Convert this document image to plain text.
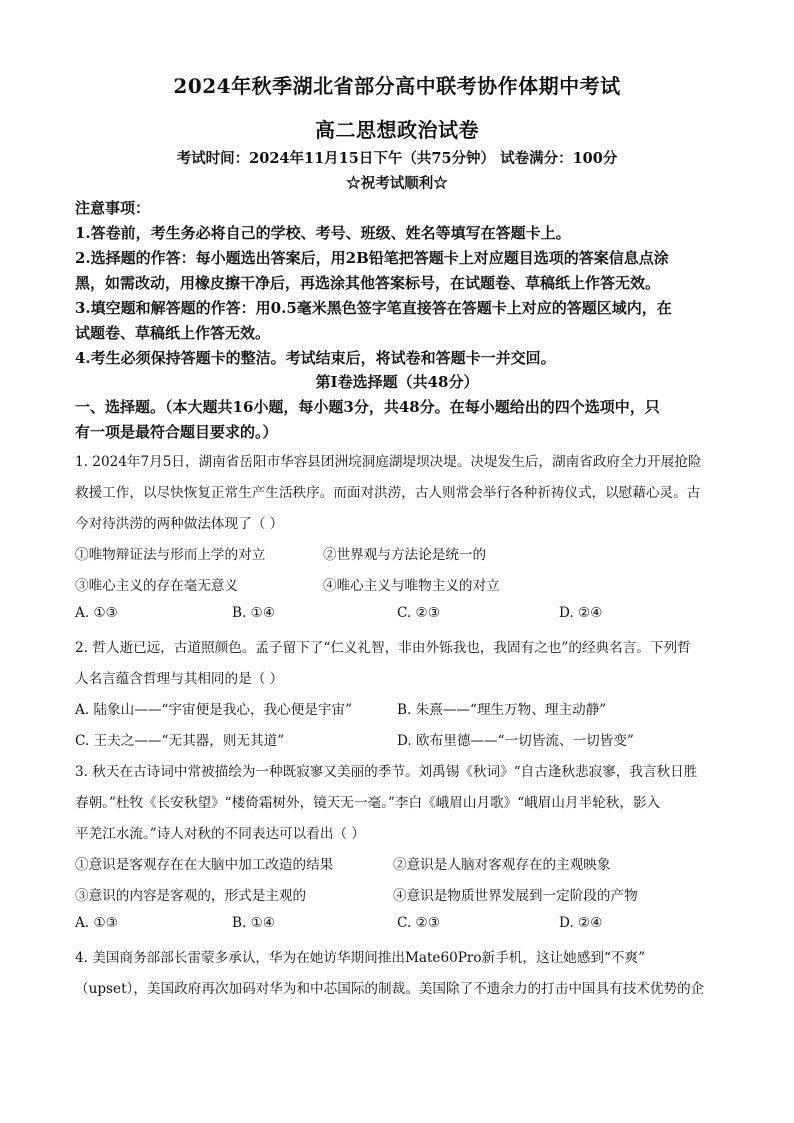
2024年秋季湖北省部分高中联考协作体期中考试
高二思想政治试卷
考试时间：2024年11月15日下午（共75分钟） 试卷满分：100分
☆祝考试顺利☆
注意事项：
1.答卷前，考生务必将自己的学校、考号、班级、姓名等填写在答题卡上。
2.选择题的作答：每小题选出答案后，用2B铅笔把答题卡上对应题目选项的答案信息点涂
黑，如需改动，用橡皮擦干净后，再选涂其他答案标号，在试题卷、草稿纸上作答无效。
3.填空题和解答题的作答：用0.5毫米黑色签字笔直接答在答题卡上对应的答题区域内，在
试题卷、草稿纸上作答无效。
4.考生必须保持答题卡的整洁。考试结束后，将试卷和答题卡一并交回。
第Ⅰ卷选择题（共48分）
一、选择题。（本大题共16小题，每小题3分，共48分。在每小题给出的四个选项中，只
有一项是最符合题目要求的。）
1. 2024年7月5日，湖南省岳阳市华容县团洲垸洞庭湖堤坝决堤。决堤发生后，湖南省政府全力开展抢险
救援工作，以尽快恢复正常生产生活秩序。而面对洪涝，古人则常会举行各种祈祷仪式，以慰藉心灵。古
今对待洪涝的两种做法体现了（ ）
①唯物辩证法与形而上学的对立	②世界观与方法论是统一的
③唯心主义的存在毫无意义	④唯心主义与唯物主义的对立
A. ①③	B. ①④	C. ②③	D. ②④
2. 哲人逝已远，古道照颜色。孟子留下了“仁义礼智，非由外铄我也，我固有之也”的经典名言。下列哲
人名言蕴含哲理与其相同的是（ ）
A. 陆象山——“宇宙便是我心，我心便是宇宙”	B. 朱熹——“理生万物、理主动静”
C. 王夫之——“无其器，则无其道”	D. 欧布里德——“一切皆流、一切皆变”
3. 秋天在古诗词中常被描绘为一种既寂寥又美丽的季节。刘禹锡《秋词》“自古逢秋悲寂寥，我言秋日胜
春朝。”杜牧《长安秋望》“楼倚霜树外，镜天无一毫。”李白《峨眉山月歌》“峨眉山月半轮秋，影入
平羌江水流。”诗人对秋的不同表达可以看出（ ）
①意识是客观存在在大脑中加工改造的结果	②意识是人脑对客观存在的主观映象
③意识的内容是客观的，形式是主观的	④意识是物质世界发展到一定阶段的产物
A. ①③	B. ①④	C. ②③	D. ②④
4. 美国商务部部长雷蒙多承认，华为在她访华期间推出Mate60Pro新手机，这让她感到“不爽”
（upset），美国政府再次加码对华为和中芯国际的制裁。美国除了不遗余力的打击中国具有技术优势的企
